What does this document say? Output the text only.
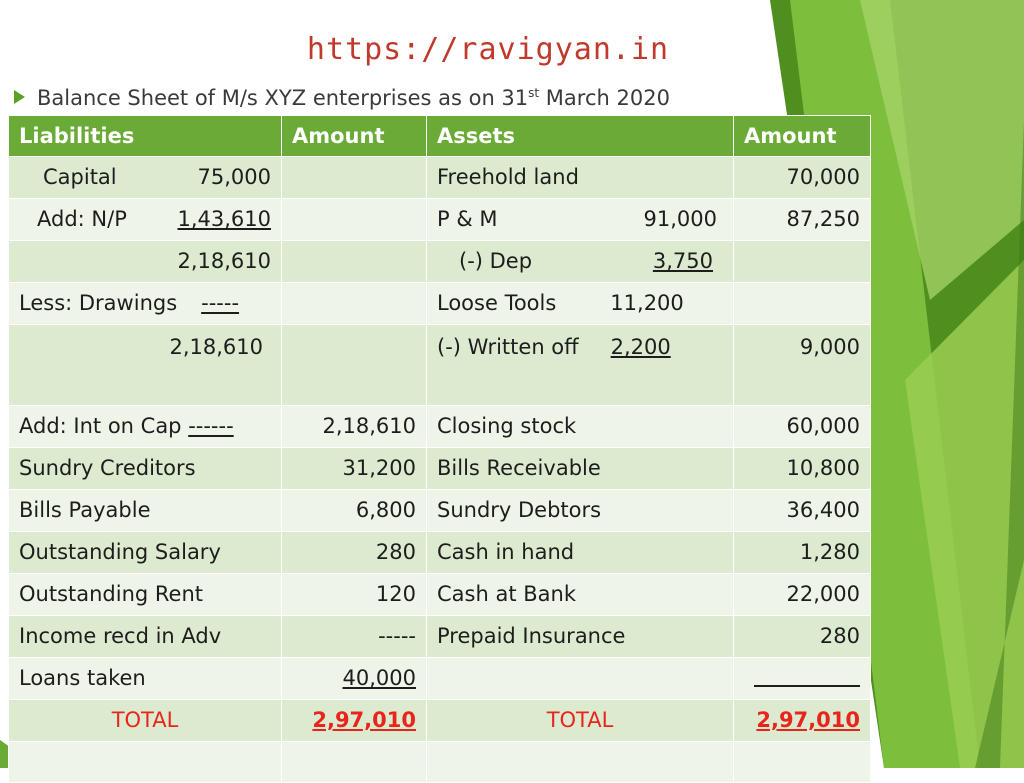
https://ravigyan.in
Balance Sheet of M/s XYZ enterprises as on 31st March 2020
Liabilities	Amount	Assets	Amount

Capital 75,000		Freehold land	70,000

Add: N/P 1,43,610		P & M 91,000	87,250
2,18,610		(-) Dep 3,750	

Less: Drawings -----		Loose Tools 11,200	
2,18,610		(-) Written off 2,200	9,000
Add: Int on Cap ------	2,18,610	Closing stock	60,000
Sundry Creditors	31,200	Bills Receivable	10,800
Bills Payable	6,800	Sundry Debtors	36,400
Outstanding Salary	280	Cash in hand	1,280
Outstanding Rent	120	Cash at Bank	22,000
Income recd in Adv	-----	Prepaid Insurance	280
Loans taken	40,000		
TOTAL	2,97,010	TOTAL	2,97,010
